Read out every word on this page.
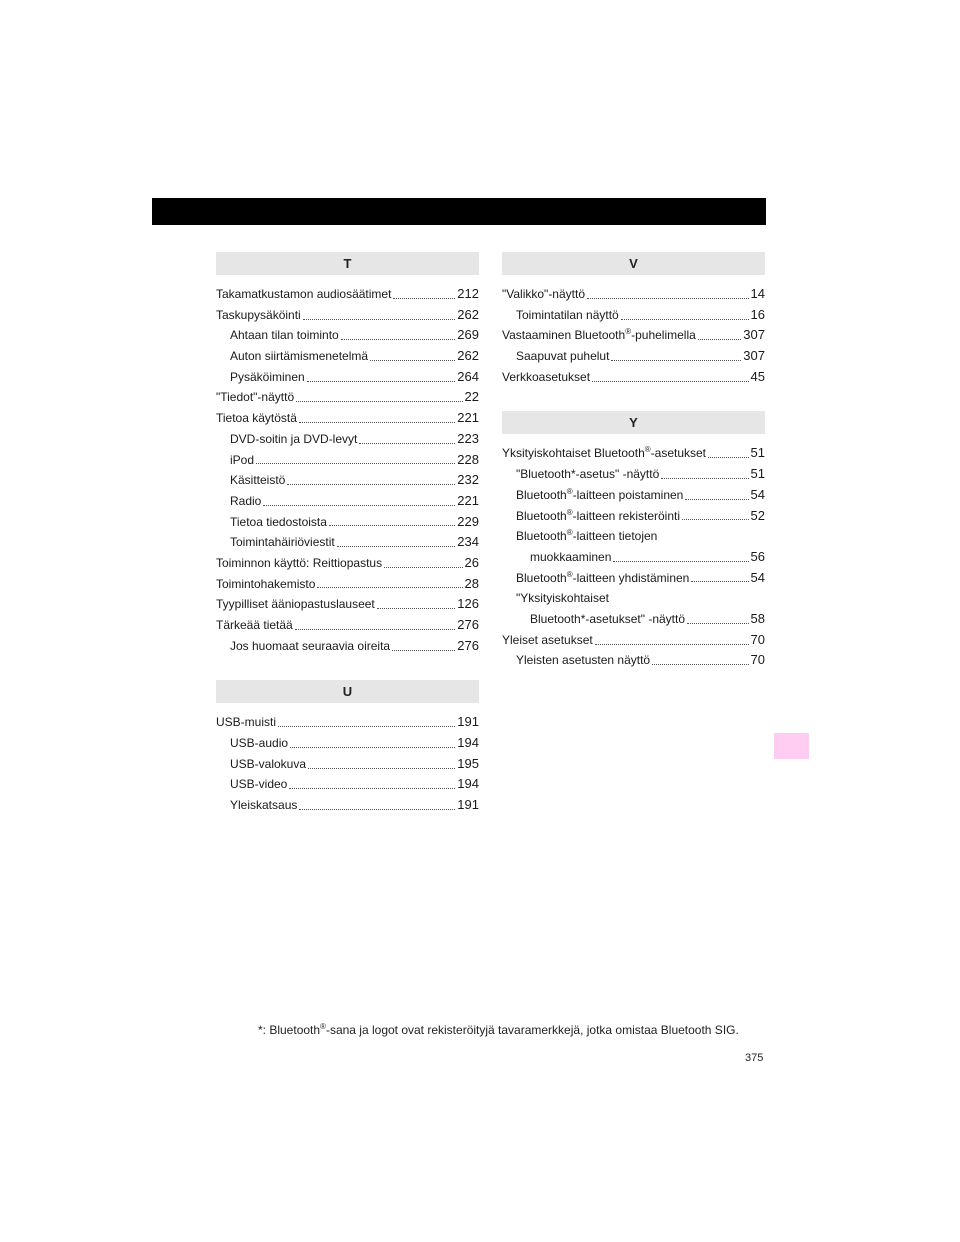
T
Takamatkustamon audiosäätimet	212
Taskupysäköinti	262
Ahtaan tilan toiminto	269
Auton siirtämismenetelmä	262
Pysäköiminen	264
"Tiedot"-näyttö	22
Tietoa käytöstä	221
DVD-soitin ja DVD-levyt	223
iPod	228
Käsitteistö	232
Radio	221
Tietoa tiedostoista	229
Toimintahäiriöviestit	234
Toiminnon käyttö: Reittiopastus	26
Toimintohakemisto	28
Tyypilliset ääniopastuslauseet	126
Tärkeää tietää	276
Jos huomaat seuraavia oireita	276
U
USB-muisti	191
USB-audio	194
USB-valokuva	195
USB-video	194
Yleiskatsaus	191
V
"Valikko"-näyttö	14
Toimintatilan näyttö	16
Vastaaminen Bluetooth®-puhelimella	307
Saapuvat puhelut	307
Verkkoasetukset	45
Y
Yksityiskohtaiset Bluetooth®-asetukset	51
"Bluetooth*-asetus" -näyttö	51
Bluetooth®-laitteen poistaminen	54
Bluetooth®-laitteen rekisteröinti	52
Bluetooth®-laitteen tietojen
muokkaaminen	56
Bluetooth®-laitteen yhdistäminen	54
"Yksityiskohtaiset
Bluetooth*-asetukset" -näyttö	58
Yleiset asetukset	70
Yleisten asetusten näyttö	70
*: Bluetooth®-sana ja logot ovat rekisteröityjä tavaramerkkejä, jotka omistaa Bluetooth SIG.
375
